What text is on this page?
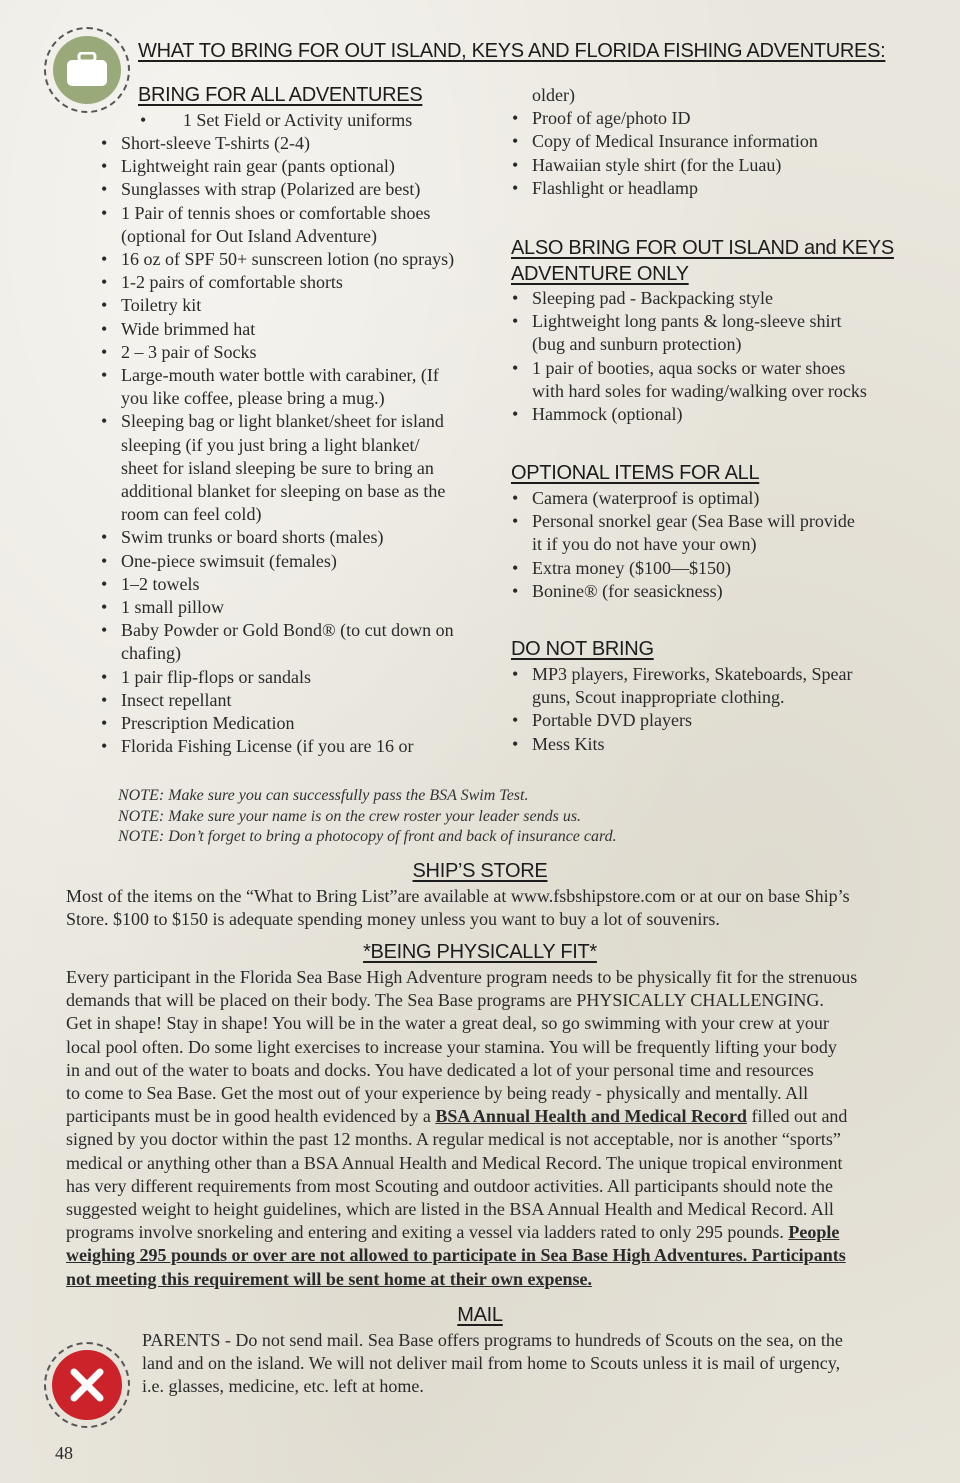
WHAT TO BRING FOR OUT ISLAND, KEYS AND FLORIDA FISHING ADVENTURES:
BRING FOR ALL ADVENTURES
• 1 Set Field or Activity uniforms
• Short-sleeve T-shirts (2-4)
• Lightweight rain gear (pants optional)
• Sunglasses with strap (Polarized are best)
• 1 Pair of tennis shoes or comfortable shoes
(optional for Out Island Adventure)
• 16 oz of SPF 50+ sunscreen lotion (no sprays)
• 1-2 pairs of comfortable shorts
• Toiletry kit
• Wide brimmed hat
• 2 – 3 pair of Socks
• Large-mouth water bottle with carabiner, (If
you like coffee, please bring a mug.)
• Sleeping bag or light blanket/sheet for island
sleeping (if you just bring a light blanket/
sheet for island sleeping be sure to bring an
additional blanket for sleeping on base as the
room can feel cold)
• Swim trunks or board shorts (males)
• One-piece swimsuit (females)
• 1–2 towels
• 1 small pillow
• Baby Powder or Gold Bond® (to cut down on
chafing)
• 1 pair flip-flops or sandals
• Insect repellant
• Prescription Medication
• Florida Fishing License (if you are 16 or
older)
• Proof of age/photo ID
• Copy of Medical Insurance information
• Hawaiian style shirt (for the Luau)
• Flashlight or headlamp
ALSO BRING FOR OUT ISLAND and KEYS
ADVENTURE ONLY
• Sleeping pad - Backpacking style
• Lightweight long pants & long-sleeve shirt
(bug and sunburn protection)
• 1 pair of booties, aqua socks or water shoes
with hard soles for wading/walking over rocks
• Hammock (optional)
OPTIONAL ITEMS FOR ALL
• Camera (waterproof is optimal)
• Personal snorkel gear (Sea Base will provide
it if you do not have your own)
• Extra money ($100—$150)
• Bonine® (for seasickness)
DO NOT BRING
• MP3 players, Fireworks, Skateboards, Spear
guns, Scout inappropriate clothing.
• Portable DVD players
• Mess Kits
NOTE: Make sure you can successfully pass the BSA Swim Test.
NOTE: Make sure your name is on the crew roster your leader sends us.
NOTE: Don’t forget to bring a photocopy of front and back of insurance card.
SHIP’S STORE
Most of the items on the “What to Bring List”are available at www.fsbshipstore.com or at our on base Ship’s
Store. $100 to $150 is adequate spending money unless you want to buy a lot of souvenirs.
*BEING PHYSICALLY FIT*
Every participant in the Florida Sea Base High Adventure program needs to be physically fit for the strenuous
demands that will be placed on their body. The Sea Base programs are PHYSICALLY CHALLENGING.
Get in shape! Stay in shape! You will be in the water a great deal, so go swimming with your crew at your
local pool often. Do some light exercises to increase your stamina. You will be frequently lifting your body
in and out of the water to boats and docks. You have dedicated a lot of your personal time and resources
to come to Sea Base. Get the most out of your experience by being ready - physically and mentally. All
participants must be in good health evidenced by a BSA Annual Health and Medical Record filled out and
signed by you doctor within the past 12 months. A regular medical is not acceptable, nor is another “sports”
medical or anything other than a BSA Annual Health and Medical Record. The unique tropical environment
has very different requirements from most Scouting and outdoor activities. All participants should note the
suggested weight to height guidelines, which are listed in the BSA Annual Health and Medical Record. All
programs involve snorkeling and entering and exiting a vessel via ladders rated to only 295 pounds. People
weighing 295 pounds or over are not allowed to participate in Sea Base High Adventures. Participants
not meeting this requirement will be sent home at their own expense.
MAIL
PARENTS - Do not send mail. Sea Base offers programs to hundreds of Scouts on the sea, on the
land and on the island. We will not deliver mail from home to Scouts unless it is mail of urgency,
i.e. glasses, medicine, etc. left at home.
48
